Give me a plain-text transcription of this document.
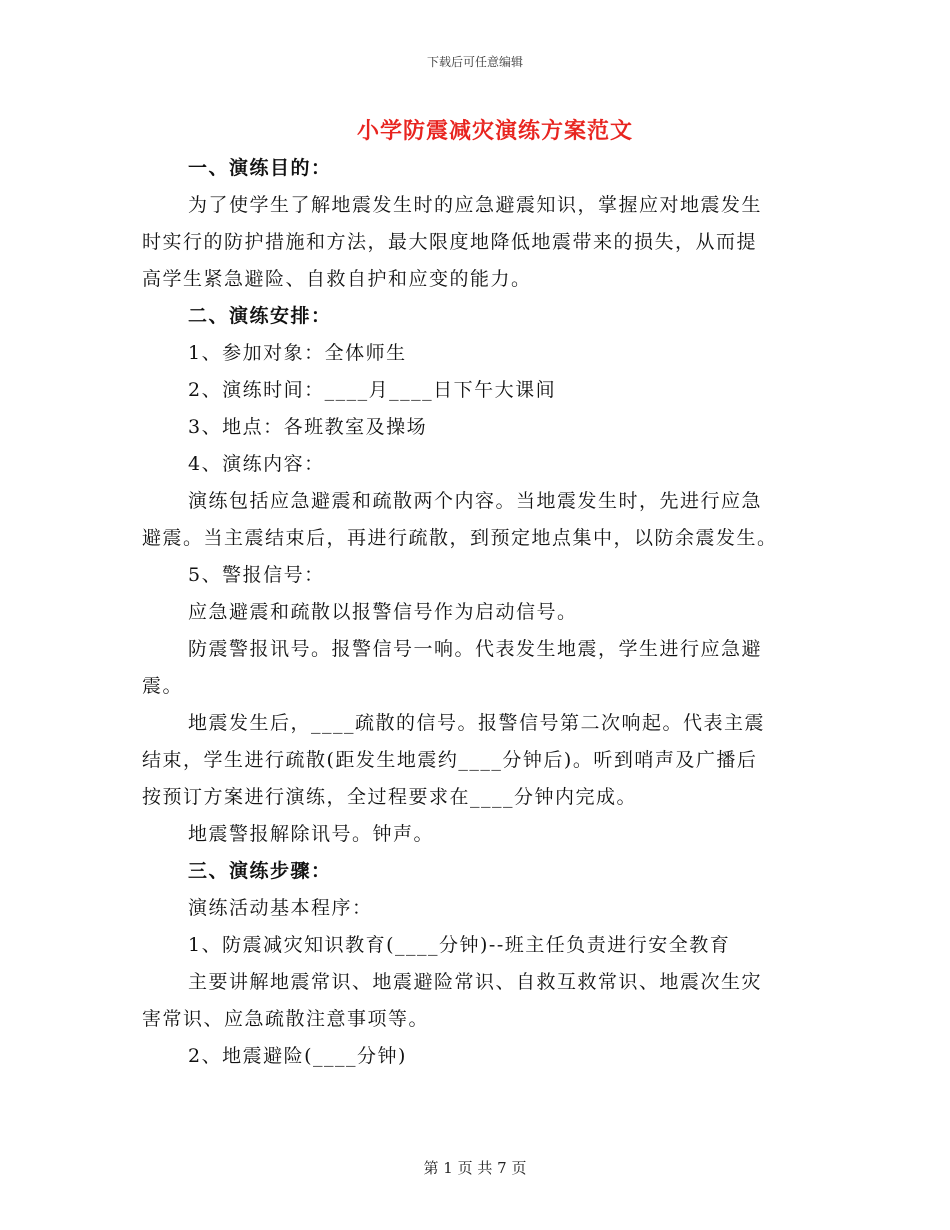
下载后可任意编辑
小学防震减灾演练方案范文
一、演练目的：
为了使学生了解地震发生时的应急避震知识，掌握应对地震发生
时实行的防护措施和方法，最大限度地降低地震带来的损失，从而提
高学生紧急避险、自救自护和应变的能力。
二、演练安排：
1、参加对象：全体师生
2、演练时间：____月____日下午大课间
3、地点：各班教室及操场
4、演练内容：
演练包括应急避震和疏散两个内容。当地震发生时，先进行应急
避震。当主震结束后，再进行疏散，到预定地点集中，以防余震发生。
5、警报信号：
应急避震和疏散以报警信号作为启动信号。
防震警报讯号。报警信号一响。代表发生地震，学生进行应急避
震。
地震发生后，____疏散的信号。报警信号第二次响起。代表主震
结束，学生进行疏散(距发生地震约____分钟后)。听到哨声及广播后
按预订方案进行演练，全过程要求在____分钟内完成。
地震警报解除讯号。钟声。
三、演练步骤：
演练活动基本程序：
1、防震减灾知识教育(____分钟)--班主任负责进行安全教育
主要讲解地震常识、地震避险常识、自救互救常识、地震次生灾
害常识、应急疏散注意事项等。
2、地震避险(____分钟)
第 1 页 共 7 页
